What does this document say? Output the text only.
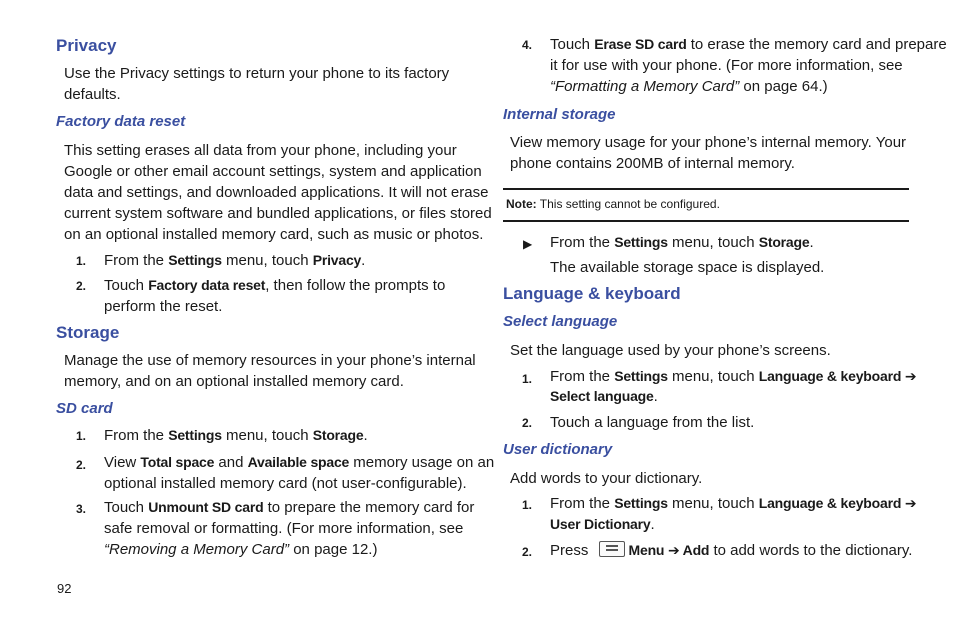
Privacy
Use the Privacy settings to return your phone to its factory
defaults.
Factory data reset
This setting erases all data from your phone, including your
Google or other email account settings, system and application
data and settings, and downloaded applications. It will not erase
current system software and bundled applications, or files stored
on an optional installed memory card, such as music or photos.
1. From the Settings menu, touch Privacy.
2. Touch Factory data reset, then follow the prompts to
perform the reset.
Storage
Manage the use of memory resources in your phone’s internal
memory, and on an optional installed memory card.
SD card
1. From the Settings menu, touch Storage.
2. View Total space and Available space memory usage on an
optional installed memory card (not user-configurable).
3. Touch Unmount SD card to prepare the memory card for
safe removal or formatting. (For more information, see
“Removing a Memory Card” on page 12.)
4. Touch Erase SD card to erase the memory card and prepare
it for use with your phone. (For more information, see
“Formatting a Memory Card” on page 64.)
Internal storage
View memory usage for your phone’s internal memory. Your
phone contains 200MB of internal memory.
Note: This setting cannot be configured.
▶ From the Settings menu, touch Storage.
The available storage space is displayed.
Language & keyboard
Select language
Set the language used by your phone’s screens.
1. From the Settings menu, touch Language & keyboard ➔
Select language.
2. Touch a language from the list.
User dictionary
Add words to your dictionary.
1. From the Settings menu, touch Language & keyboard ➔
User Dictionary.
2. Press	Menu ➔ Add to add words to the dictionary.
92
